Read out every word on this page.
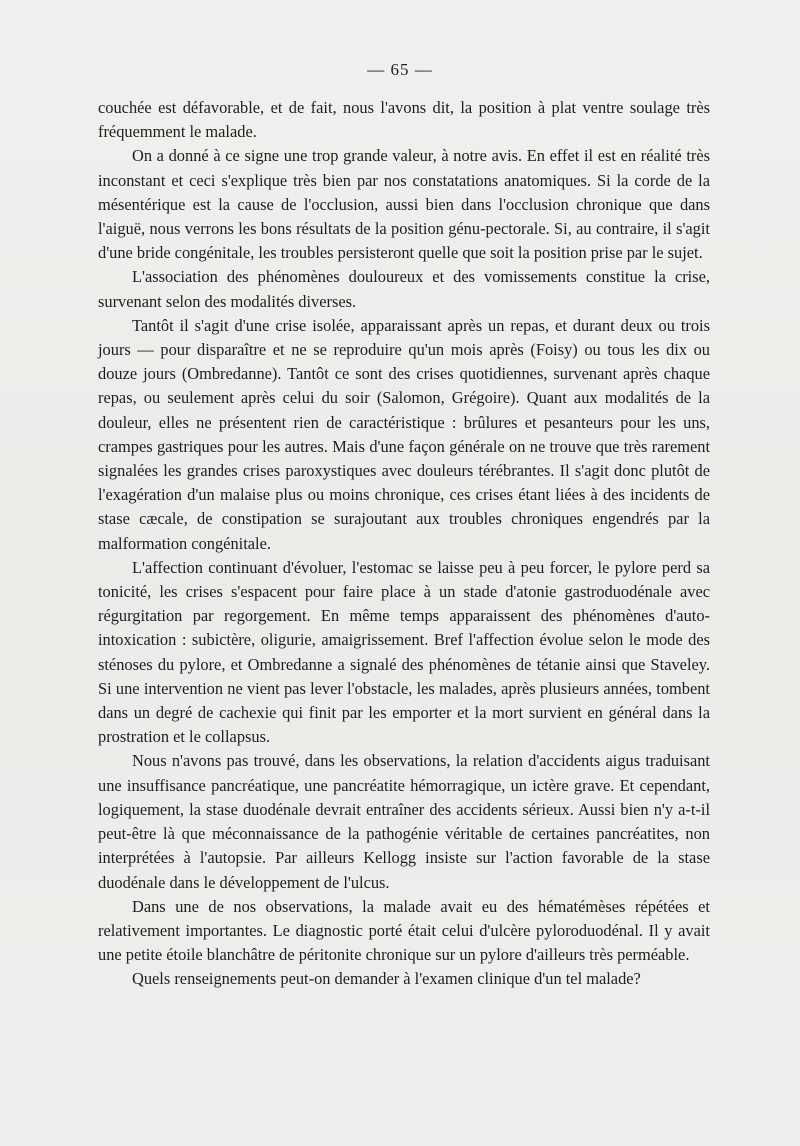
— 65 —

couchée est défavorable, et de fait, nous l'avons dit, la position à plat ventre soulage très fréquemment le malade.

On a donné à ce signe une trop grande valeur, à notre avis. En effet il est en réalité très inconstant et ceci s'explique très bien par nos constatations anatomiques. Si la corde de la mésentérique est la cause de l'occlusion, aussi bien dans l'occlusion chronique que dans l'aiguë, nous verrons les bons résultats de la position génu-pectorale. Si, au contraire, il s'agit d'une bride congénitale, les troubles persisteront quelle que soit la position prise par le sujet.

L'association des phénomènes douloureux et des vomissements constitue la crise, survenant selon des modalités diverses.

Tantôt il s'agit d'une crise isolée, apparaissant après un repas, et durant deux ou trois jours — pour disparaître et ne se reproduire qu'un mois après (Foisy) ou tous les dix ou douze jours (Ombredanne). Tantôt ce sont des crises quotidiennes, survenant après chaque repas, ou seulement après celui du soir (Salomon, Grégoire). Quant aux modalités de la douleur, elles ne présentent rien de caractéristique : brûlures et pesanteurs pour les uns, crampes gastriques pour les autres. Mais d'une façon générale on ne trouve que très rarement signalées les grandes crises paroxystiques avec douleurs térébrantes. Il s'agit donc plutôt de l'exagération d'un malaise plus ou moins chronique, ces crises étant liées à des incidents de stase cæcale, de constipation se surajoutant aux troubles chroniques engendrés par la malformation congénitale.

L'affection continuant d'évoluer, l'estomac se laisse peu à peu forcer, le pylore perd sa tonicité, les crises s'espacent pour faire place à un stade d'atonie gastroduodénale avec régurgitation par regorgement. En même temps apparaissent des phénomènes d'auto-intoxication : subictère, oligurie, amaigrissement. Bref l'affection évolue selon le mode des sténoses du pylore, et Ombredanne a signalé des phénomènes de tétanie ainsi que Staveley. Si une intervention ne vient pas lever l'obstacle, les malades, après plusieurs années, tombent dans un degré de cachexie qui finit par les emporter et la mort survient en général dans la prostration et le collapsus.

Nous n'avons pas trouvé, dans les observations, la relation d'accidents aigus traduisant une insuffisance pancréatique, une pancréatite hémorragique, un ictère grave. Et cependant, logiquement, la stase duodénale devrait entraîner des accidents sérieux. Aussi bien n'y a-t-il peut-être là que méconnaissance de la pathogénie véritable de certaines pancréatites, non interprétées à l'autopsie. Par ailleurs Kellogg insiste sur l'action favorable de la stase duodénale dans le développement de l'ulcus.

Dans une de nos observations, la malade avait eu des hématémèses répétées et relativement importantes. Le diagnostic porté était celui d'ulcère pyloroduodénal. Il y avait une petite étoile blanchâtre de péritonite chronique sur un pylore d'ailleurs très perméable.

Quels renseignements peut-on demander à l'examen clinique d'un tel malade?
